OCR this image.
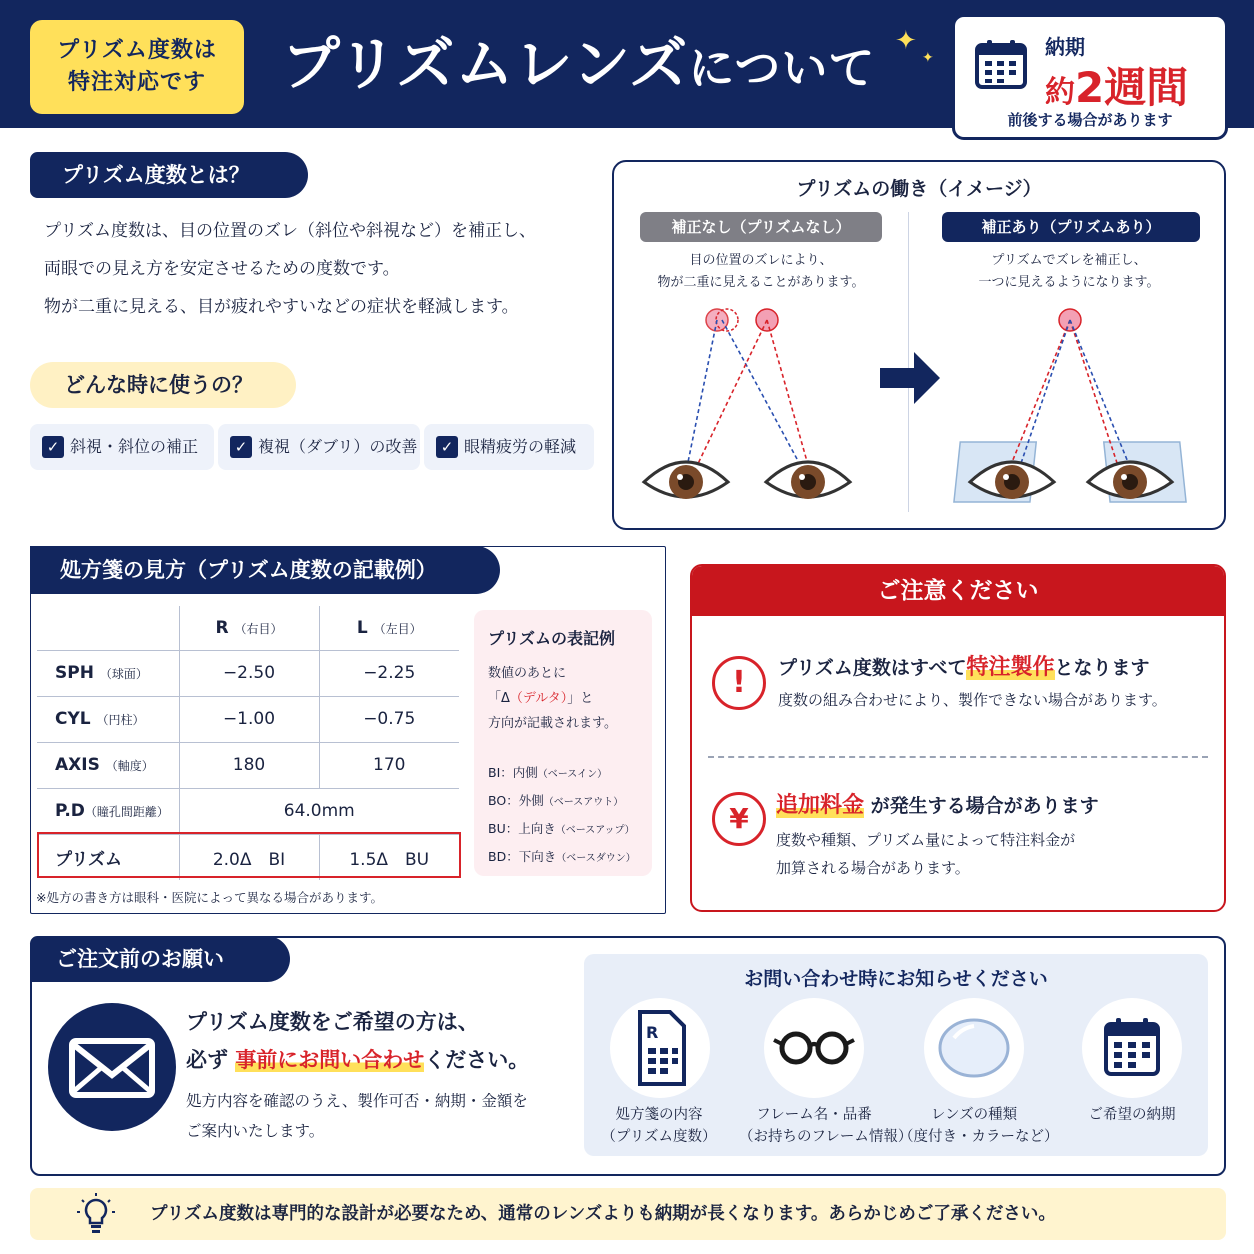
プリズム度数は
特注対応です	プリズムレンズについて ✦
✦	納期
約2週間
前後する場合があります
プリズム度数とは？
プリズム度数は、目の位置のズレ（斜位や斜視など）を補正し、
両眼での見え方を安定させるための度数です。
物が二重に見える、目が疲れやすいなどの症状を軽減します。
どんな時に使うの？
✓ 斜視・斜位の補正	✓ 複視（ダブリ）の改善	✓ 眼精疲労の軽減
プリズムの働き（イメージ）
補正なし（プリズムなし）
目の位置のズレにより、
物が二重に見えることがあります。
補正あり（プリズムあり）
プリズムでズレを補正し、
一つに見えるようになります。
処方箋の見方（プリズム度数の記載例）
	R （右目）	L （左目）
SPH （球面）	−2.50	−2.25
CYL （円柱）	−1.00	−0.75
AXIS （軸度）	180	170
P.D（瞳孔間距離）	64.0mm	
プリズム	2.0Δ　BI	1.5Δ　BU
プリズムの表記例
数値のあとに
「Δ（デルタ）」と
方向が記載されます。
BI：内側（ベースイン）
BO：外側（ベースアウト）
BU：上向き（ベースアップ）
BD：下向き（ベースダウン）
※処方の書き方は眼科・医院によって異なる場合があります。
ご注意ください
!	プリズム度数はすべて特注製作となります
度数の組み合わせにより、製作できない場合があります。
¥	追加料金 が発生する場合があります
度数や種類、プリズム量によって特注料金が
加算される場合があります。
ご注文前のお願い
プリズム度数をご希望の方は、
必ず 事前にお問い合わせください。
処方内容を確認のうえ、製作可否・納期・金額を
ご案内いたします。
お問い合わせ時にお知らせください
R
処方箋の内容
（プリズム度数）
フレーム名・品番
（お持ちのフレーム情報）
レンズの種類
（度付き・カラーなど）
ご希望の納期
プリズム度数は専門的な設計が必要なため、通常のレンズよりも納期が長くなります。あらかじめご了承ください。
